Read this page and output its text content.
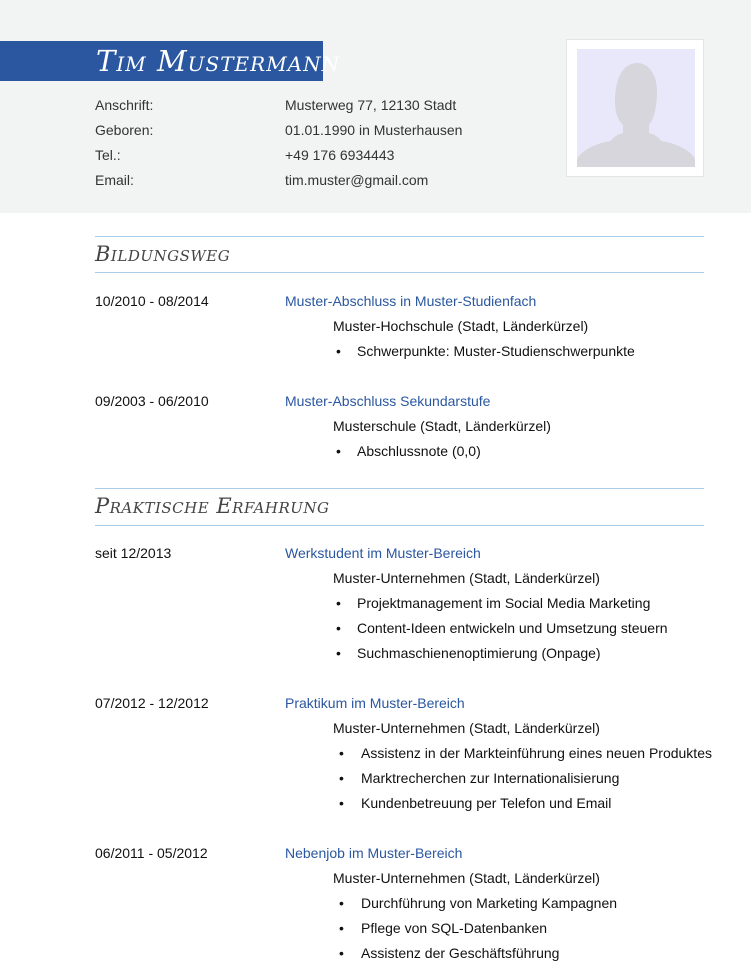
Tim Mustermann
Anschrift:	Musterweg 77, 12130 Stadt
Geboren:	01.01.1990 in Musterhausen
Tel.:	+49 176 6934443
Email:	tim.muster@gmail.com
Bildungsweg
10/2010 - 08/2014	Muster-Abschluss in Muster-Studienfach
Muster-Hochschule (Stadt, Länderkürzel)
• Schwerpunkte: Muster-Studienschwerpunkte
09/2003 - 06/2010	Muster-Abschluss Sekundarstufe
Musterschule (Stadt, Länderkürzel)
• Abschlussnote (0,0)
Praktische Erfahrung
seit 12/2013	Werkstudent im Muster-Bereich
Muster-Unternehmen (Stadt, Länderkürzel)
• Projektmanagement im Social Media Marketing
• Content-Ideen entwickeln und Umsetzung steuern
• Suchmaschienenoptimierung (Onpage)
07/2012 - 12/2012	Praktikum im Muster-Bereich
Muster-Unternehmen (Stadt, Länderkürzel)
• Assistenz in der Markteinführung eines neuen Produktes
• Marktrecherchen zur Internationalisierung
• Kundenbetreuung per Telefon und Email
06/2011 - 05/2012	Nebenjob im Muster-Bereich
Muster-Unternehmen (Stadt, Länderkürzel)
• Durchführung von Marketing Kampagnen
• Pflege von SQL-Datenbanken
• Assistenz der Geschäftsführung
